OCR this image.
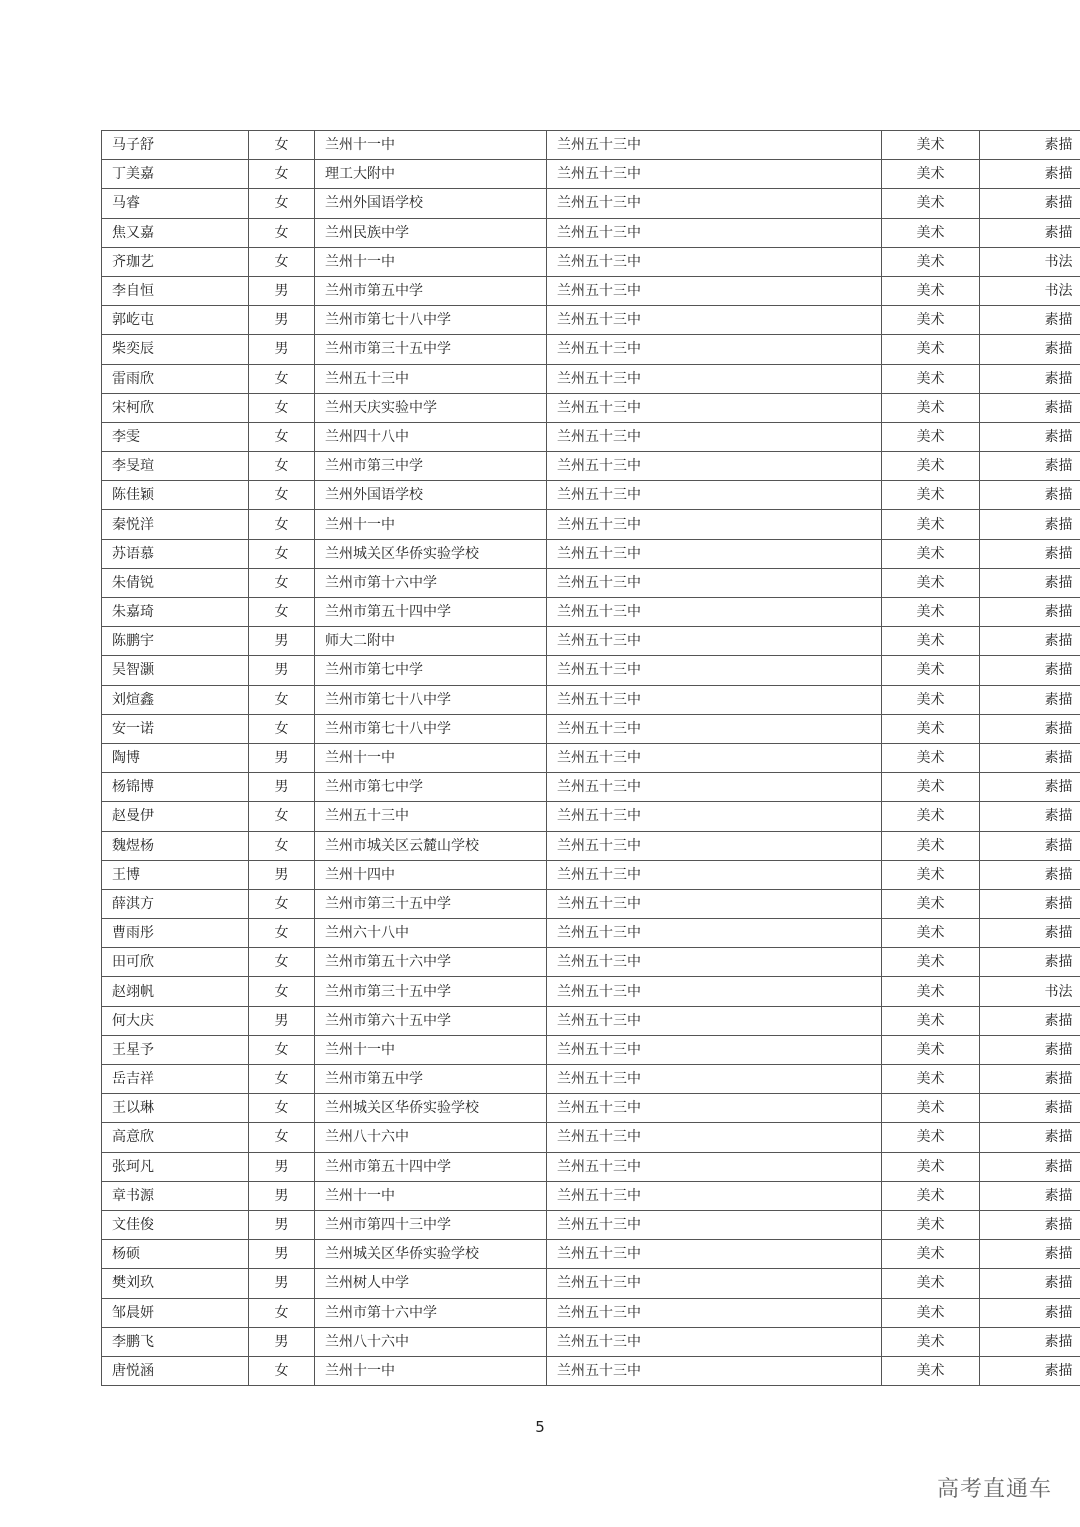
马子舒	女	兰州十一中	兰州五十三中	美术	素描
丁美嘉	女	理工大附中	兰州五十三中	美术	素描
马睿	女	兰州外国语学校	兰州五十三中	美术	素描
焦又嘉	女	兰州民族中学	兰州五十三中	美术	素描
齐珈艺	女	兰州十一中	兰州五十三中	美术	书法
李自恒	男	兰州市第五中学	兰州五十三中	美术	书法
郭屹屯	男	兰州市第七十八中学	兰州五十三中	美术	素描
柴奕辰	男	兰州市第三十五中学	兰州五十三中	美术	素描
雷雨欣	女	兰州五十三中	兰州五十三中	美术	素描
宋柯欣	女	兰州天庆实验中学	兰州五十三中	美术	素描
李雯	女	兰州四十八中	兰州五十三中	美术	素描
李旻瑄	女	兰州市第三中学	兰州五十三中	美术	素描
陈佳颖	女	兰州外国语学校	兰州五十三中	美术	素描
秦悦洋	女	兰州十一中	兰州五十三中	美术	素描
苏语慕	女	兰州城关区华侨实验学校	兰州五十三中	美术	素描
朱倩锐	女	兰州市第十六中学	兰州五十三中	美术	素描
朱嘉琦	女	兰州市第五十四中学	兰州五十三中	美术	素描
陈鹏宇	男	师大二附中	兰州五十三中	美术	素描
吴智灏	男	兰州市第七中学	兰州五十三中	美术	素描
刘煊鑫	女	兰州市第七十八中学	兰州五十三中	美术	素描
安一诺	女	兰州市第七十八中学	兰州五十三中	美术	素描
陶博	男	兰州十一中	兰州五十三中	美术	素描
杨锦博	男	兰州市第七中学	兰州五十三中	美术	素描
赵曼伊	女	兰州五十三中	兰州五十三中	美术	素描
魏煜杨	女	兰州市城关区云麓山学校	兰州五十三中	美术	素描
王博	男	兰州十四中	兰州五十三中	美术	素描
薛淇方	女	兰州市第三十五中学	兰州五十三中	美术	素描
曹雨彤	女	兰州六十八中	兰州五十三中	美术	素描
田可欣	女	兰州市第五十六中学	兰州五十三中	美术	素描
赵翊帆	女	兰州市第三十五中学	兰州五十三中	美术	书法
何大庆	男	兰州市第六十五中学	兰州五十三中	美术	素描
王星予	女	兰州十一中	兰州五十三中	美术	素描
岳吉祥	女	兰州市第五中学	兰州五十三中	美术	素描
王以琳	女	兰州城关区华侨实验学校	兰州五十三中	美术	素描
高意欣	女	兰州八十六中	兰州五十三中	美术	素描
张珂凡	男	兰州市第五十四中学	兰州五十三中	美术	素描
章书源	男	兰州十一中	兰州五十三中	美术	素描
文佳俊	男	兰州市第四十三中学	兰州五十三中	美术	素描
杨硕	男	兰州城关区华侨实验学校	兰州五十三中	美术	素描
樊刘玖	男	兰州树人中学	兰州五十三中	美术	素描
邹晨妍	女	兰州市第十六中学	兰州五十三中	美术	素描
李鹏飞	男	兰州八十六中	兰州五十三中	美术	素描
唐悦涵	女	兰州十一中	兰州五十三中	美术	素描
5
高考直通车
